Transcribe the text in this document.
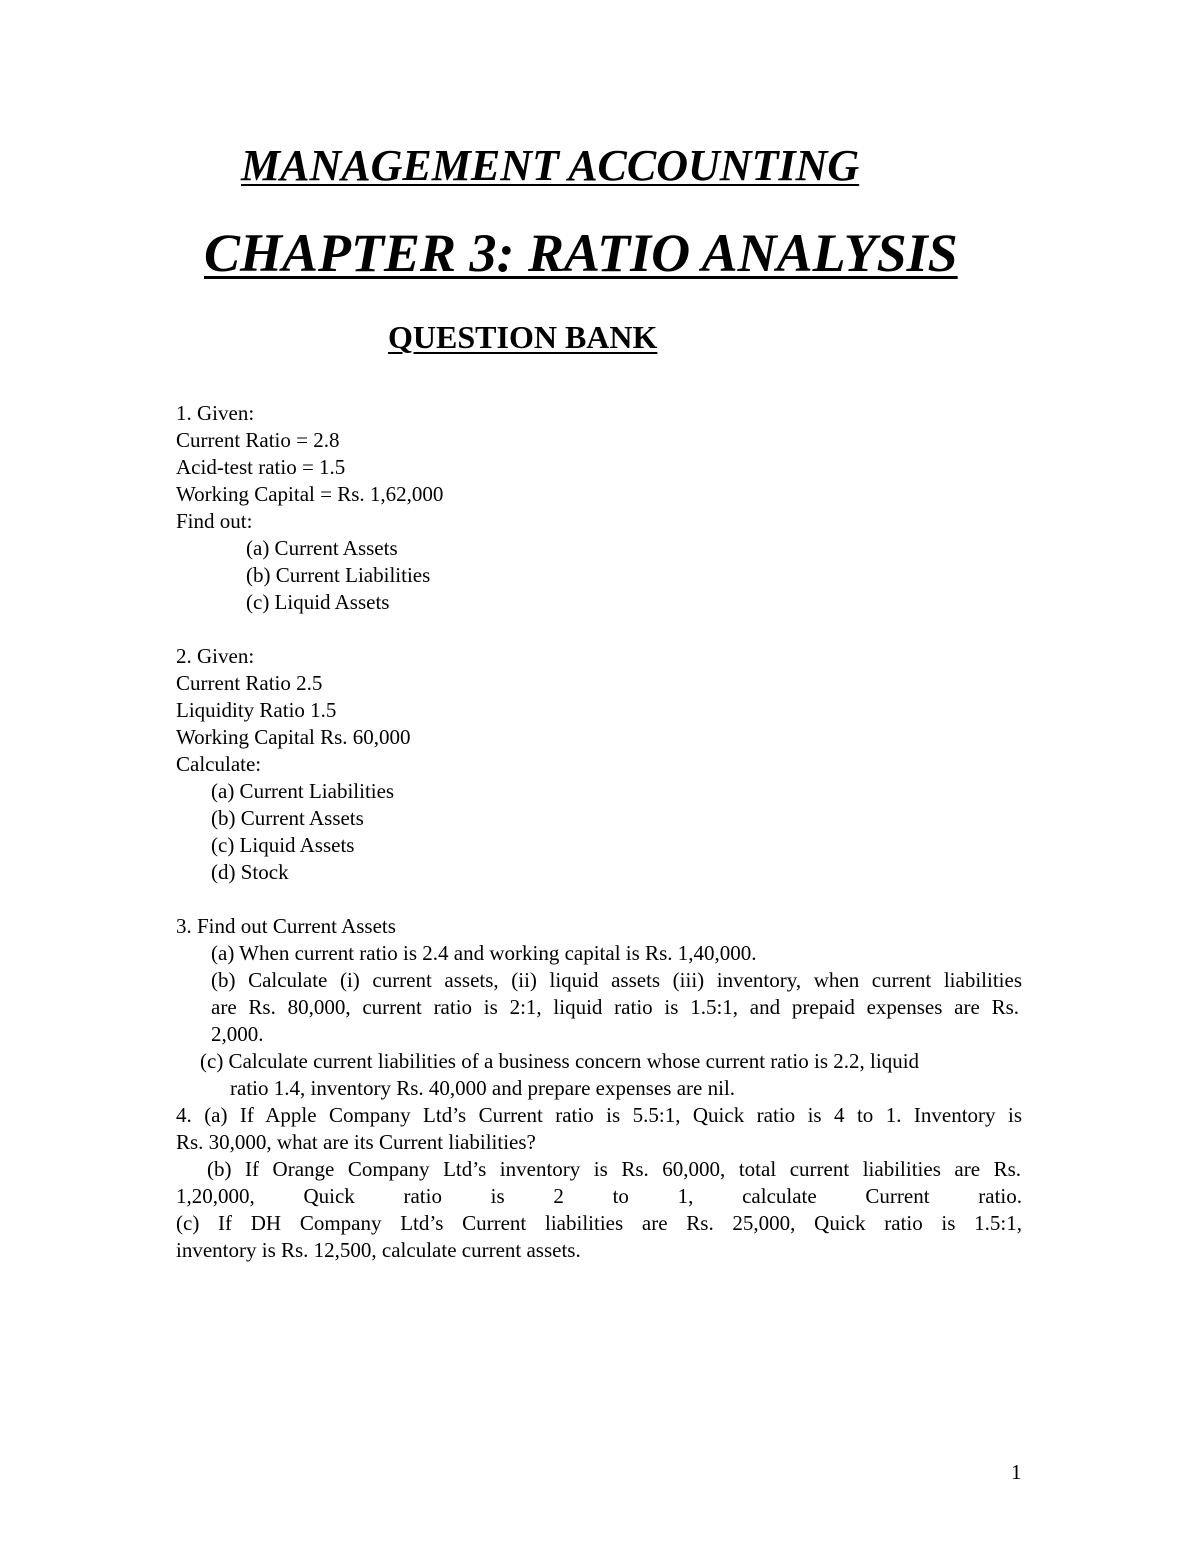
MANAGEMENT ACCOUNTING
CHAPTER 3: RATIO ANALYSIS
QUESTION BANK
1. Given:
Current Ratio = 2.8
Acid-test ratio = 1.5
Working Capital = Rs. 1,62,000
Find out:
(a) Current Assets
(b) Current Liabilities
(c) Liquid Assets
2. Given:
Current Ratio 2.5
Liquidity Ratio 1.5
Working Capital Rs. 60,000
Calculate:
(a) Current Liabilities
(b) Current Assets
(c) Liquid Assets
(d) Stock
3. Find out Current Assets
(a) When current ratio is 2.4 and working capital is Rs. 1,40,000.
(b) Calculate (i) current assets, (ii) liquid assets (iii) inventory, when current liabilities
are Rs. 80,000, current ratio is 2:1, liquid ratio is 1.5:1, and prepaid expenses are Rs.
2,000.
(c) Calculate current liabilities of a business concern whose current ratio is 2.2, liquid
ratio 1.4, inventory Rs. 40,000 and prepare expenses are nil.
4. (a) If Apple Company Ltd’s Current ratio is 5.5:1, Quick ratio is 4 to 1. Inventory is
Rs. 30,000, what are its Current liabilities?
(b) If Orange Company Ltd’s inventory is Rs. 60,000, total current liabilities are Rs.
1,20,000, Quick ratio is 2 to 1, calculate Current ratio.
(c) If DH Company Ltd’s Current liabilities are Rs. 25,000, Quick ratio is 1.5:1,
inventory is Rs. 12,500, calculate current assets.
1
